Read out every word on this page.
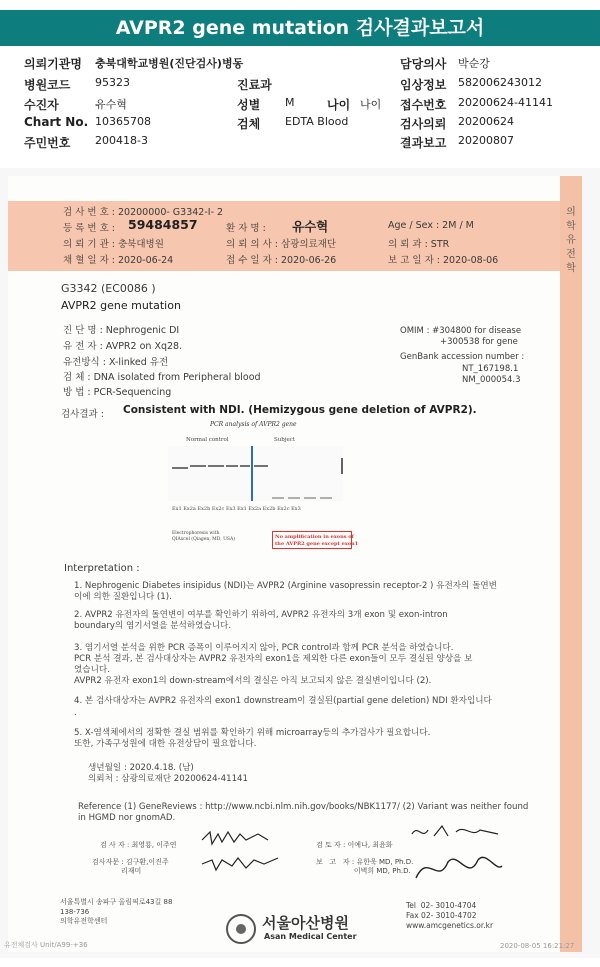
AVPR2 gene mutation 검사결과보고서
의뢰기관명 충북대학교병원(진단검사)병동	담당의사 박순강
병원코드 95323	진료과	임상정보 582006243012
수진자	유수혁	성별 M	나이 나이 접수번호 20200624-41141
Chart No. 10365708	검체 EDTA Blood	검사의뢰 20200624
주민번호 200418-3	결과보고 20200807
의학유전학
검 사 번 호 : 20200000- G3342-I- 2
등 록 번 호 : 59484857	환 자 명 : 유수혁	Age / Sex : 2M / M
의 뢰 기 관 : 충북대병원	의 뢰 의 사 : 삼광의료재단	의 뢰 과 : STR
채 혈 일 자 : 2020-06-24	접 수 일 자 : 2020-06-26	보 고 일 자 : 2020-08-06
G3342 (EC0086 )
AVPR2 gene mutation
진 단 명 : Nephrogenic DI
유 전 자 : AVPR2 on Xq28.
유전방식 : X-linked 유전
검 체 : DNA isolated from Peripheral blood
방 법 : PCR-Sequencing
OMIM : #304800 for disease
+300538 for gene
GenBank accession number :
NT_167198.1
NM_000054.3
검사결과 : Consistent with NDI. (Hemizygous gene deletion of AVPR2).
PCR analysis of AVPR2 gene
Normal control	Subject
Ex1 Ex2a Ex2b Ex2c Ex3 Ex1 Ex2a Ex2b Ex2c Ex3
Electrophoresis with
QIAxcel (Qiagen, MD, USA)	No amplification in exons of
the AVPR2 gene except exon1
Interpretation :
1. Nephrogenic Diabetes insipidus (NDI)는 AVPR2 (Arginine vasopressin receptor-2 ) 유전자의 돌연변
이에 의한 질환입니다 (1).
2. AVPR2 유전자의 돌연변이 여부를 확인하기 위하여, AVPR2 유전자의 3개 exon 및 exon-intron
boundary의 염기서열을 분석하였습니다.
3. 염기서열 분석을 위한 PCR 증폭이 이루어지지 않아, PCR control과 함께 PCR 분석을 하였습니다.
PCR 분석 결과, 본 검사대상자는 AVPR2 유전자의 exon1을 제외한 다른 exon들이 모두 결실된 양상을 보
였습니다.
AVPR2 유전자 exon1의 down-stream에서의 결실은 아직 보고되지 않은 결실변이입니다 (2).
4. 본 검사대상자는 AVPR2 유전자의 exon1 downstream이 결실된(partial gene deletion) NDI 환자입니다
.
5. X-염색체에서의 정확한 결실 범위를 확인하기 위해 microarray등의 추가검사가 필요합니다.
또한, 가족구성원에 대한 유전상담이 필요합니다.
생년월일 : 2020.4.18. (남)
의뢰처 : 삼광의료재단 20200624-41141
Reference (1) GeneReviews : http://www.ncbi.nlm.nih.gov/books/NBK1177/ (2) Variant was neither found
in HGMD nor gnomAD.
검 사 자 : 최영룡, 이주연
검사자문 : 김구환,이진주
리재미
검 토 자 : 이예나, 최윤화
보   고   자 : 유한욱 MD, Ph.D.
이벽희 MD, Ph.D.
서울특별시 송파구 올림픽로43길 88
138-736
의학유전학센터
Tel  02- 3010-4704
Fax 02- 3010-4702
www.amcgenetics.or.kr
서울아산병원
Asan Medical Center
유전체검사 Unit/A99-+36	2020-08-05 16:21:27
